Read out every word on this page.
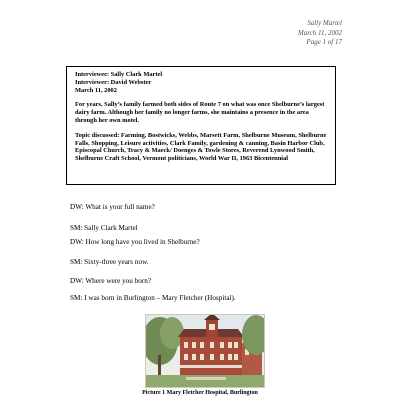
Sally Martel
March 11, 2002
Page 1 of 17

Interviewee: Sally Clark Martel

Interviewer: David Webster

March 11, 2002

For years, Sally’s family farmed both sides of Route 7 on what was once Shelburne’s largest dairy farm. Although her family no longer farms, she maintains a presence in the area through her own motel.

Topic discussed: Farming, Bostwicks, Webbs, Marsett Farm, Shelburne Museum, Shelburne Falls, Shopping, Leisure activities, Clark Family, gardening & canning, Basin Harbor Club, Episcopal Church, Tracy & Maeck/ Doenges & Towle Stores, Reverend Lynwood Smith, Shelburne Craft School, Vermont politicians, World War II, 1963 Bicentennial

DW: What is your full name?
SM: Sally Clark Martel
DW: How long have you lived in Shelburne?
SM: Sixty-three years now.
DW: Where were you born?
SM: I was born in Burlington – Mary Fletcher (Hospital).
Picture 1 Mary Fletcher Hospital, Burlington
